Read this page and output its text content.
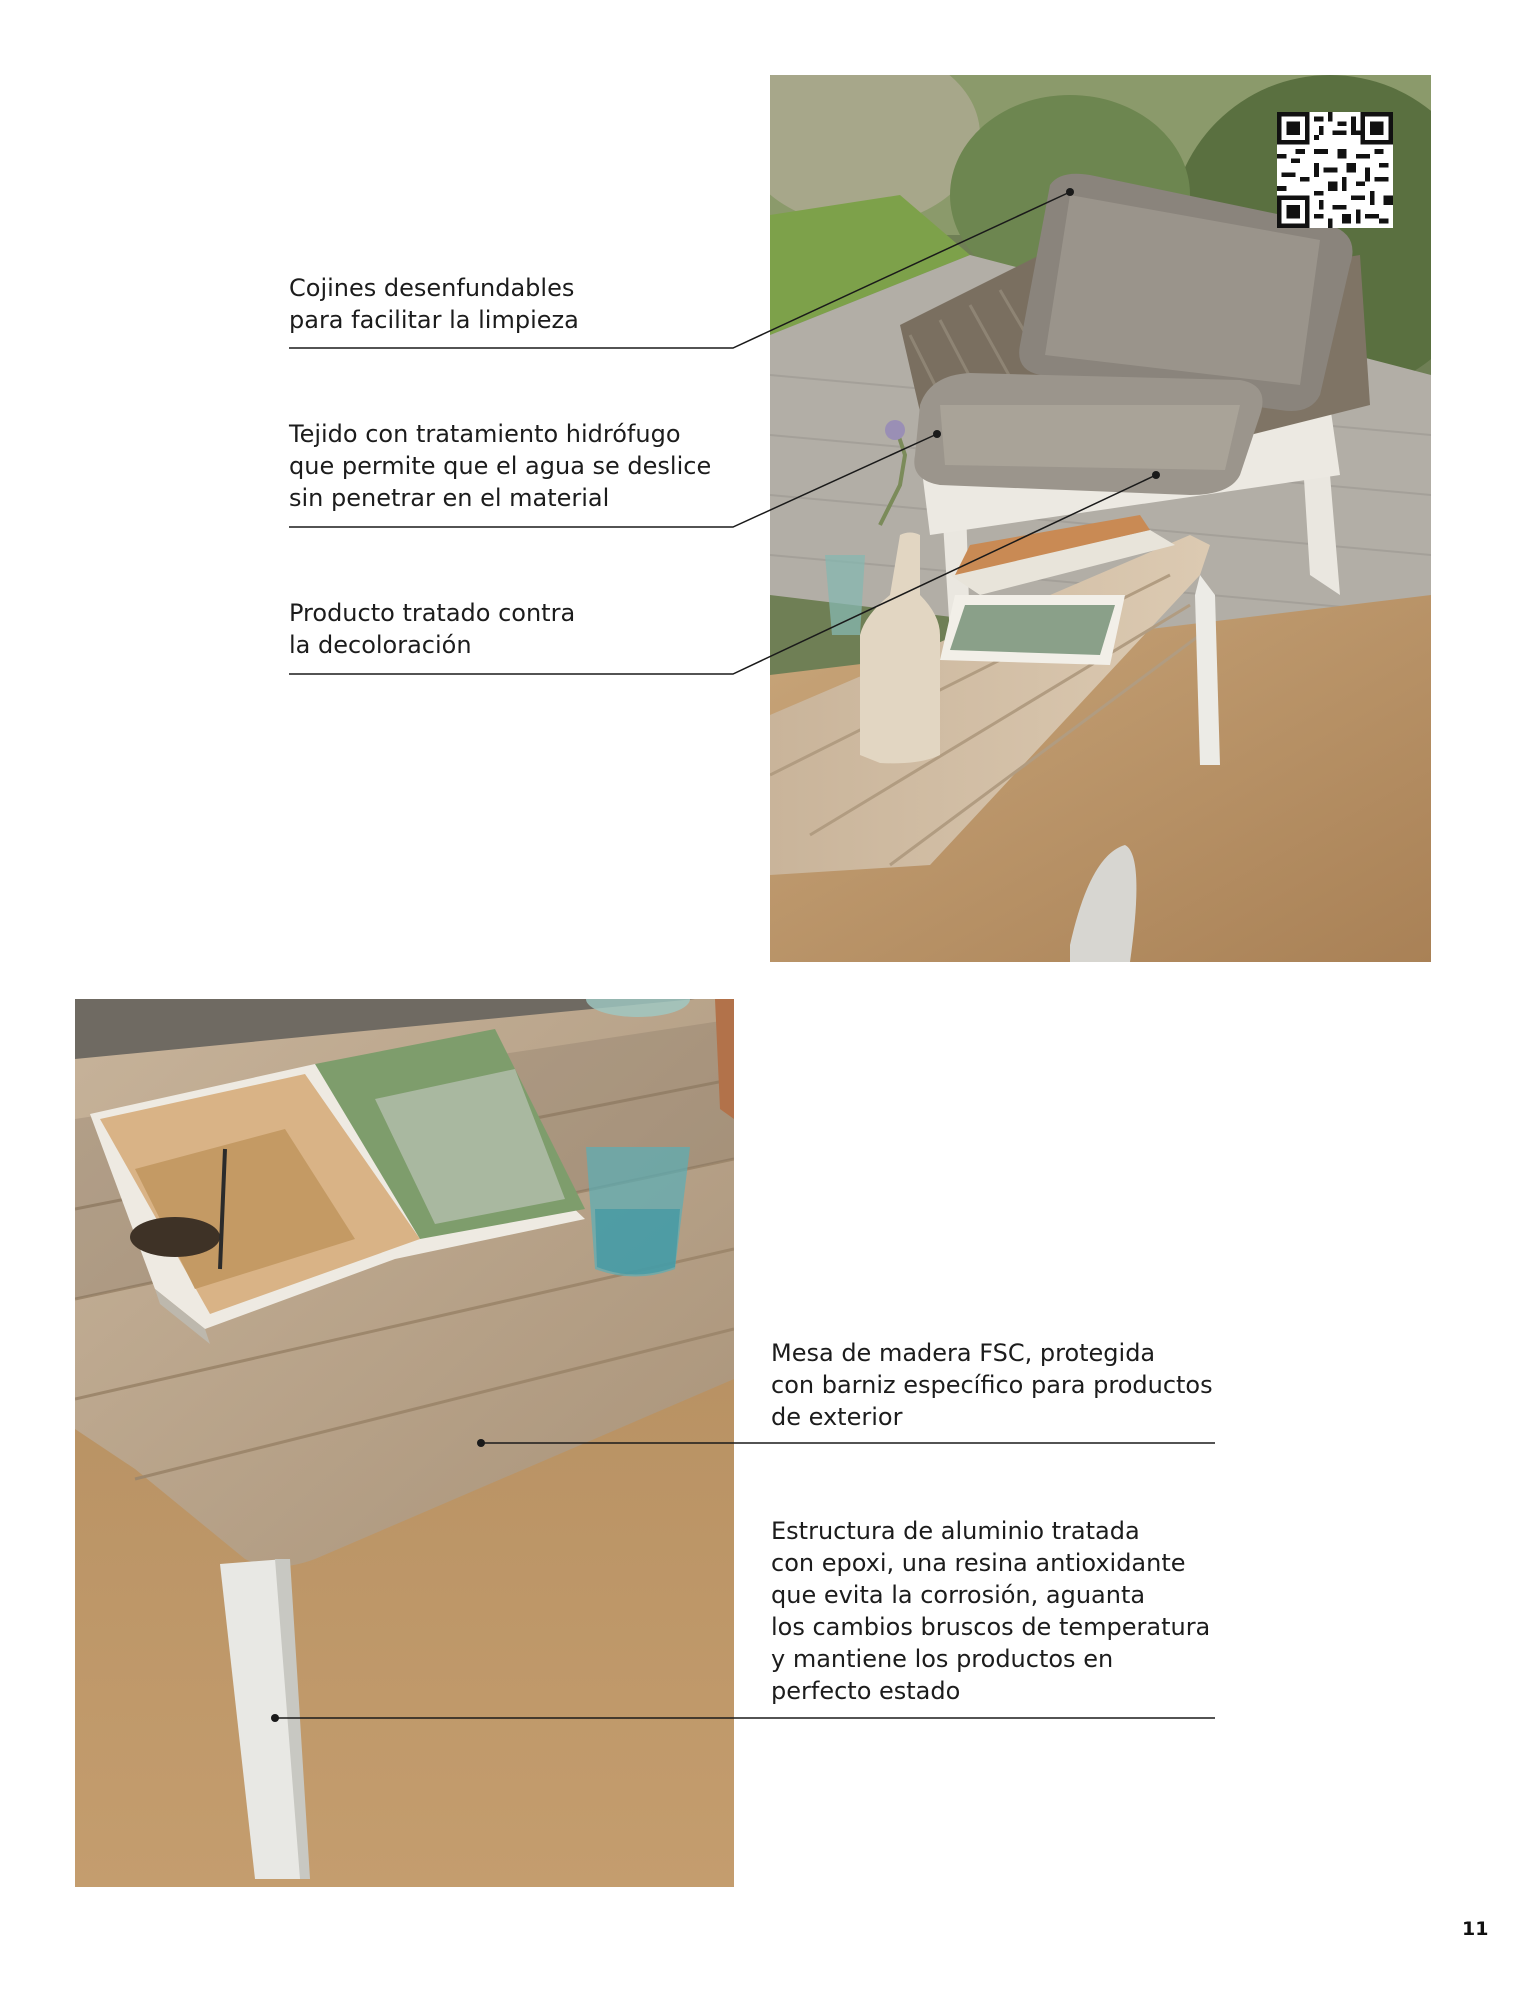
Cojines desenfundables
para facilitar la limpieza
Tejido con tratamiento hidrófugo
que permite que el agua se deslice
sin penetrar en el material
Producto tratado contra
la decoloración
Mesa de madera FSC, protegida
con barniz específico para productos
de exterior
Estructura de aluminio tratada
con epoxi, una resina antioxidante
que evita la corrosión, aguanta
los cambios bruscos de temperatura
y mantiene los productos en
perfecto estado
11
